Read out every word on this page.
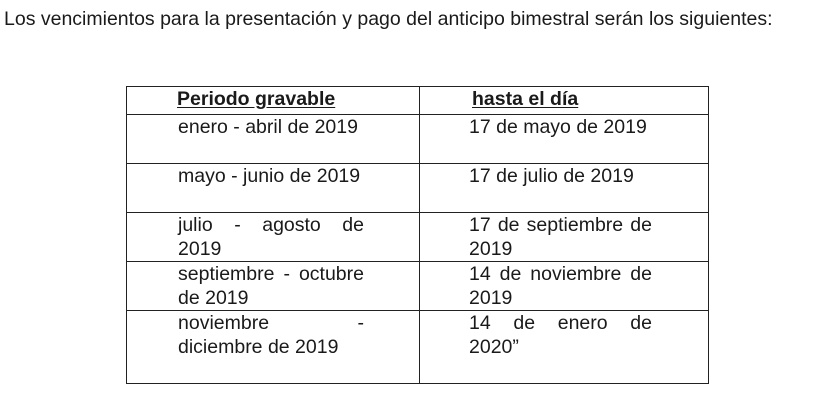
Los vencimientos para la presentación y pago del anticipo bimestral serán los siguientes:

Periodo gravable	hasta el día

enero - abril de 2019	17 de mayo de 2019

mayo - junio de 2019	17 de julio de 2019

julio - agosto de 2019	17 de septiembre de 2019

septiembre - octubre de 2019	14 de noviembre de 2019

noviembre - diciembre de 2019	14 de enero de 2020”
